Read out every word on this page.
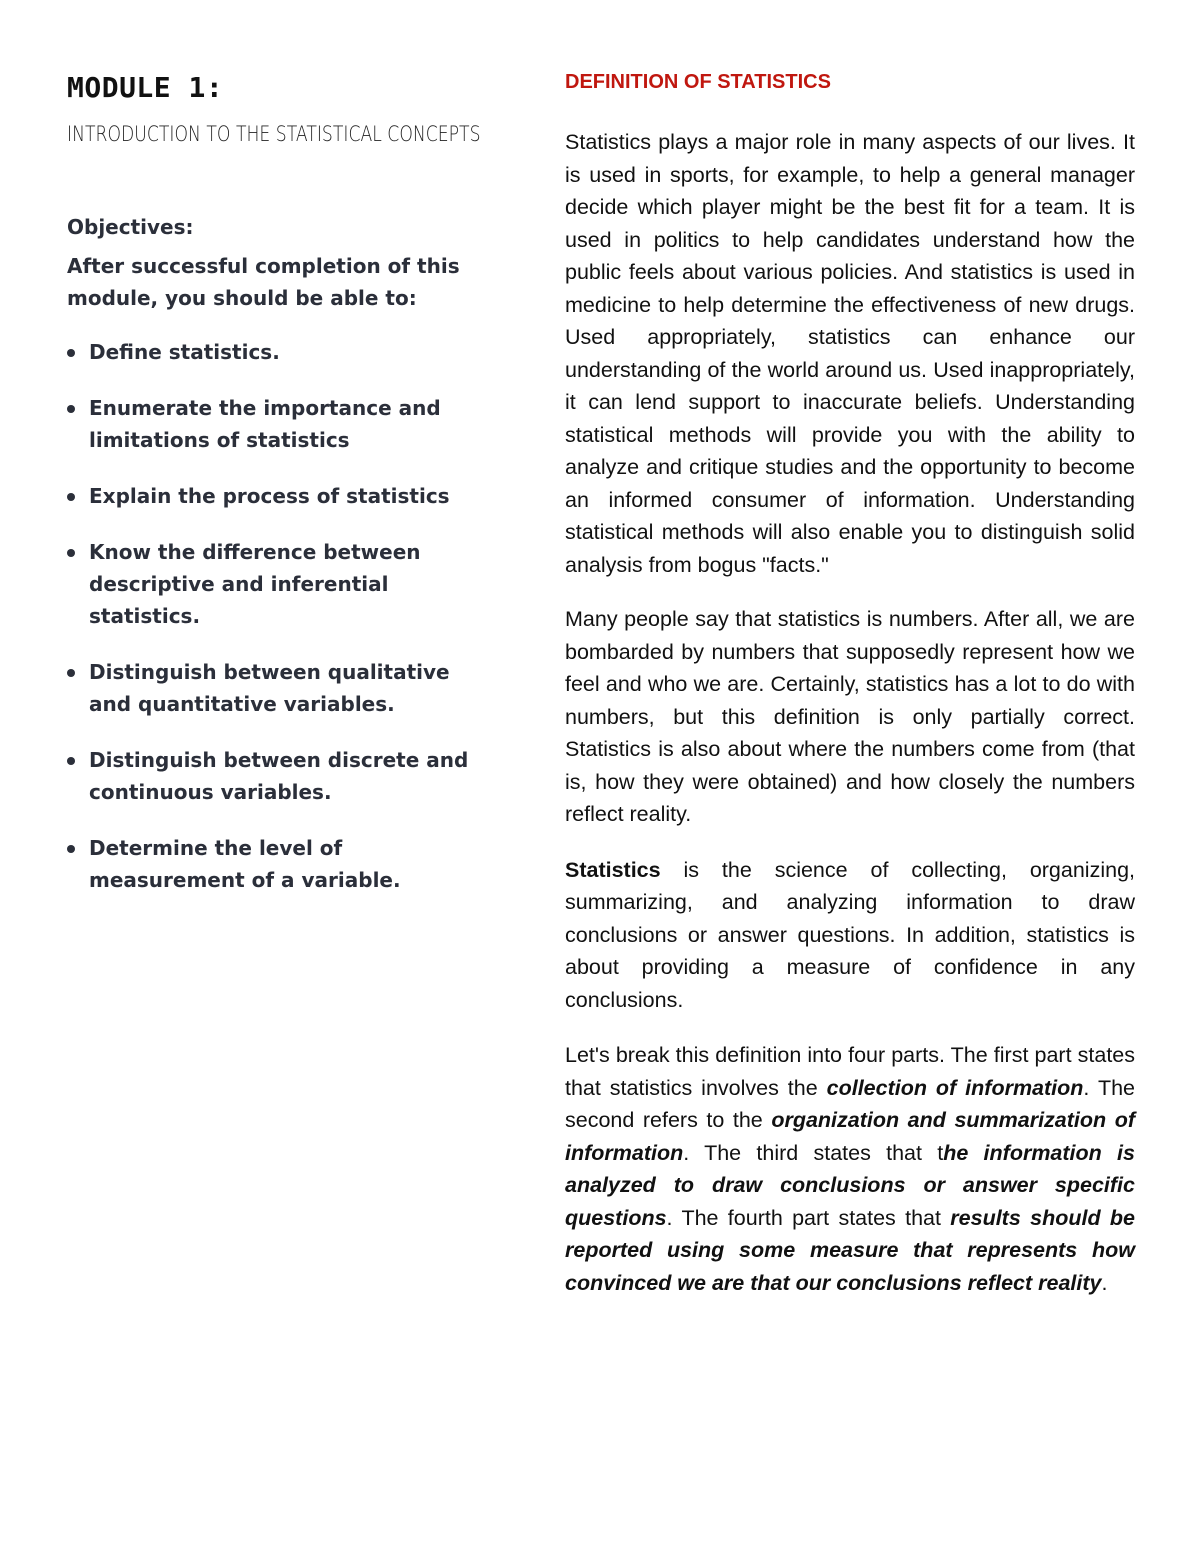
MODULE 1:
INTRODUCTION TO THE STATISTICAL CONCEPTS
Objectives:
After successful completion of this module, you should be able to:
Define statistics.
Enumerate the importance and limitations of statistics
Explain the process of statistics
Know the difference between descriptive and inferential statistics.
Distinguish between qualitative and quantitative variables.
Distinguish between discrete and continuous variables.
Determine the level of measurement of a variable.
DEFINITION OF STATISTICS

Statistics plays a major role in many aspects of our lives. It is used in sports, for example, to help a general manager decide which player might be the best fit for a team. It is used in politics to help candidates understand how the public feels about various policies. And statistics is used in medicine to help determine the effectiveness of new drugs. Used appropriately, statistics can enhance our understanding of the world around us. Used inappropriately, it can lend support to inaccurate beliefs. Understanding statistical methods will provide you with the ability to analyze and critique studies and the opportunity to become an informed consumer of information. Understanding statistical methods will also enable you to distinguish solid analysis from bogus "facts."

Many people say that statistics is numbers. After all, we are bombarded by numbers that supposedly represent how we feel and who we are. Certainly, statistics has a lot to do with numbers, but this definition is only partially correct. Statistics is also about where the numbers come from (that is, how they were obtained) and how closely the numbers reflect reality.

Statistics is the science of collecting, organizing, summarizing, and analyzing information to draw conclusions or answer questions. In addition, statistics is about providing a measure of confidence in any conclusions.

Let's break this definition into four parts. The first part states that statistics involves the collection of information. The second refers to the organization and summarization of information. The third states that the information is analyzed to draw conclusions or answer specific questions. The fourth part states that results should be reported using some measure that represents how convinced we are that our conclusions reflect reality.
